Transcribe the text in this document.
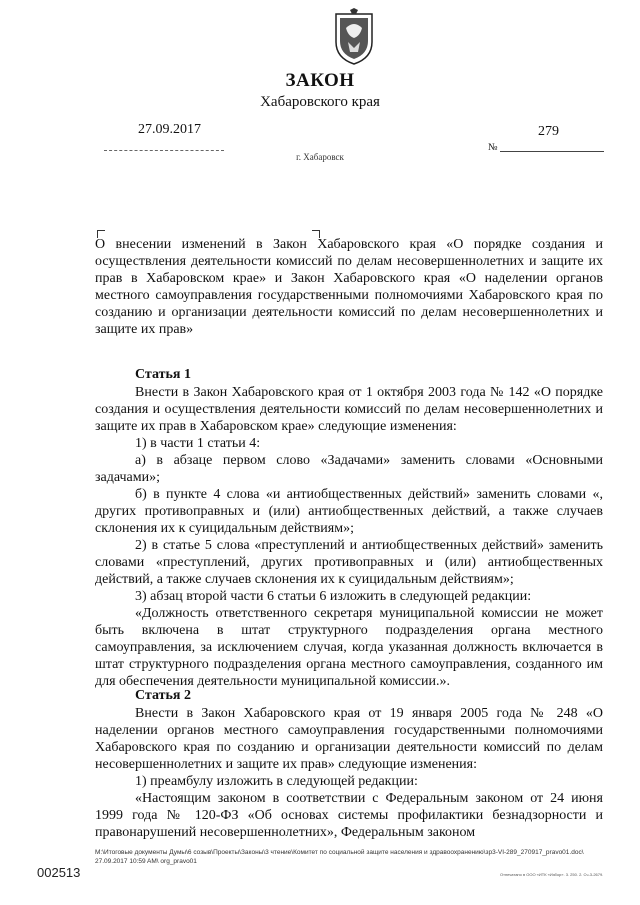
ЗАКОН
Хабаровского края
27.09.2017	279
№
г. Хабаровск
О внесении изменений в Закон Хабаровского края «О порядке создания и осуществления деятельности комиссий по делам несовершеннолетних и защите их прав в Хабаровском крае» и Закон Хабаровского края «О наделении органов местного самоуправления государственными полномочиями Хабаровского края по созданию и организации деятельности комиссий по делам несовершеннолетних и защите их прав»
Статья 1

Внести в Закон Хабаровского края от 1 октября 2003 года № 142 «О порядке создания и осуществления деятельности комиссий по делам несовершеннолетних и защите их прав в Хабаровском крае» следующие изменения:

1) в части 1 статьи 4:

а) в абзаце первом слово «Задачами» заменить словами «Основными задачами»;

б) в пункте 4 слова «и антиобщественных действий» заменить словами «, других противоправных и (или) антиобщественных действий, а также случаев склонения их к суицидальным действиям»;

2) в статье 5 слова «преступлений и антиобщественных действий» заменить словами «преступлений, других противоправных и (или) антиобщественных действий, а также случаев склонения их к суицидальным действиям»;

3) абзац второй части 6 статьи 6 изложить в следующей редакции:

«Должность ответственного секретаря муниципальной комиссии не может быть включена в штат структурного подразделения органа местного самоуправления, за исключением случая, когда указанная должность включается в штат структурного подразделения органа местного самоуправления, созданного им для обеспечения деятельности муниципальной комиссии.».

Статья 2

Внести в Закон Хабаровского края от 19 января 2005 года № 248 «О наделении органов местного самоуправления государственными полномочиями Хабаровского края по созданию и организации деятельности комиссий по делам несовершеннолетних и защите их прав» следующие изменения:

1) преамбулу изложить в следующей редакции:

«Настоящим законом в соответствии с Федеральным законом от 24 июня 1999 года № 120-ФЗ «Об основах системы профилактики безнадзорности и правонарушений несовершеннолетних», Федеральным законом

М:\Итоговые документы Думы\6 созыв\Проекты\Законы\3 чтение\Комитет по социальной защите населения и здравоохранению\зр3-VI-289_270917_pravo01.doc\ 27.09.2017 10:59 AM\ org_pravo01
Отпечатано в ООО «ИТК «Избор». 3. 250. 2. Сч-3-2679.
002513
